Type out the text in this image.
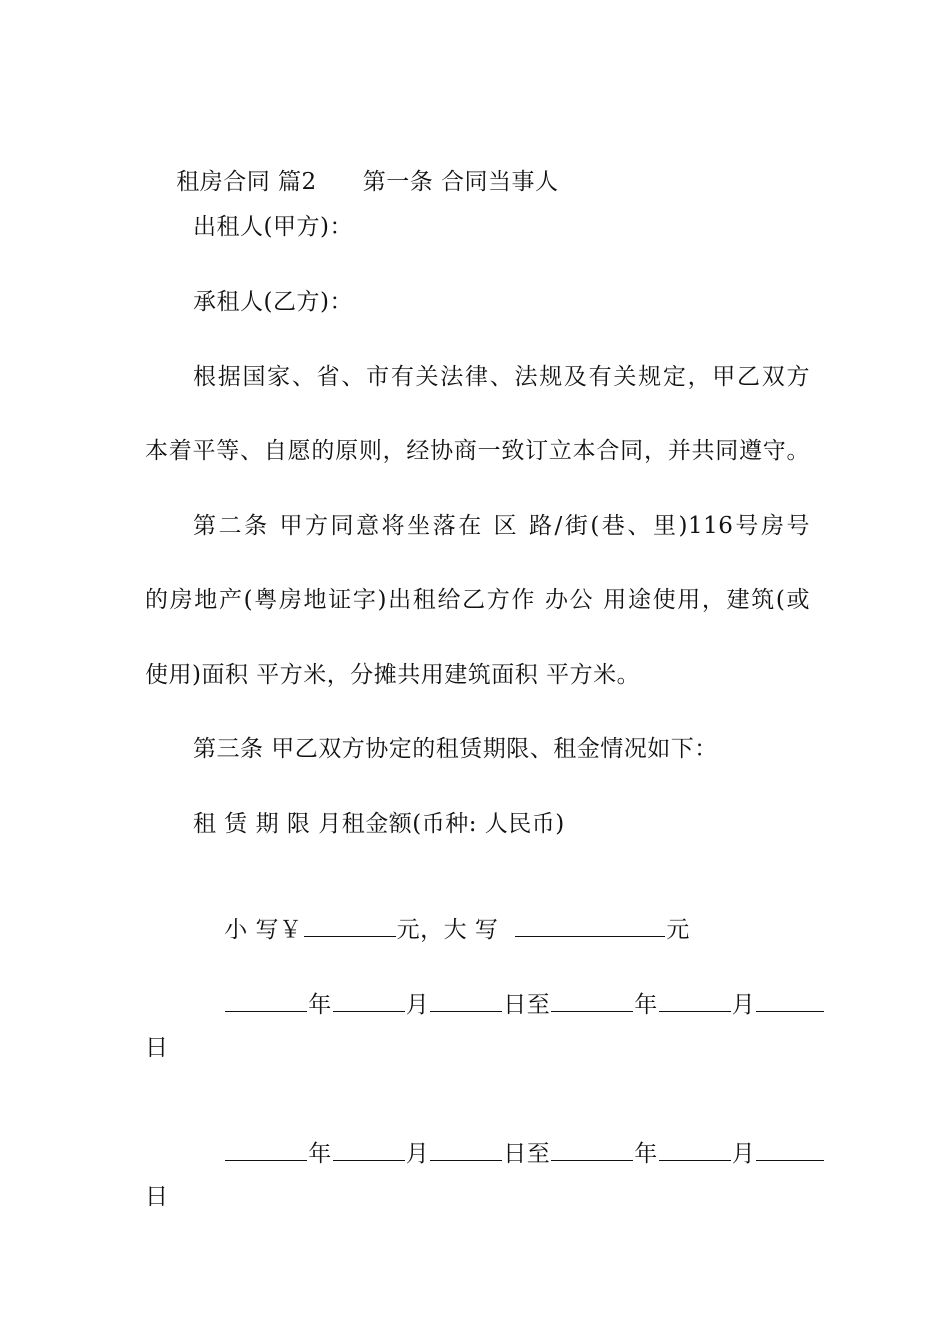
租房合同 篇2 第一条 合同当事人

出租人(甲方)：
承租人(乙方)：
根据国家、省、市有关法律、法规及有关规定，甲乙双方
本着平等、自愿的原则，经协商一致订立本合同，并共同遵守。
第二条 甲方同意将坐落在 区 路/街(巷、里)116号房号
的房地产(粤房地证字)出租给乙方作 办公 用途使用，建筑(或
使用)面积 平方米，分摊共用建筑面积 平方米。
第三条 甲乙双方协定的租赁期限、租金情况如下：
租 赁 期 限 月租金额(币种: 人民币)

小 写￥	元，大 写	元

年	月	日至	年	月

日

年	月	日至	年	月

日
